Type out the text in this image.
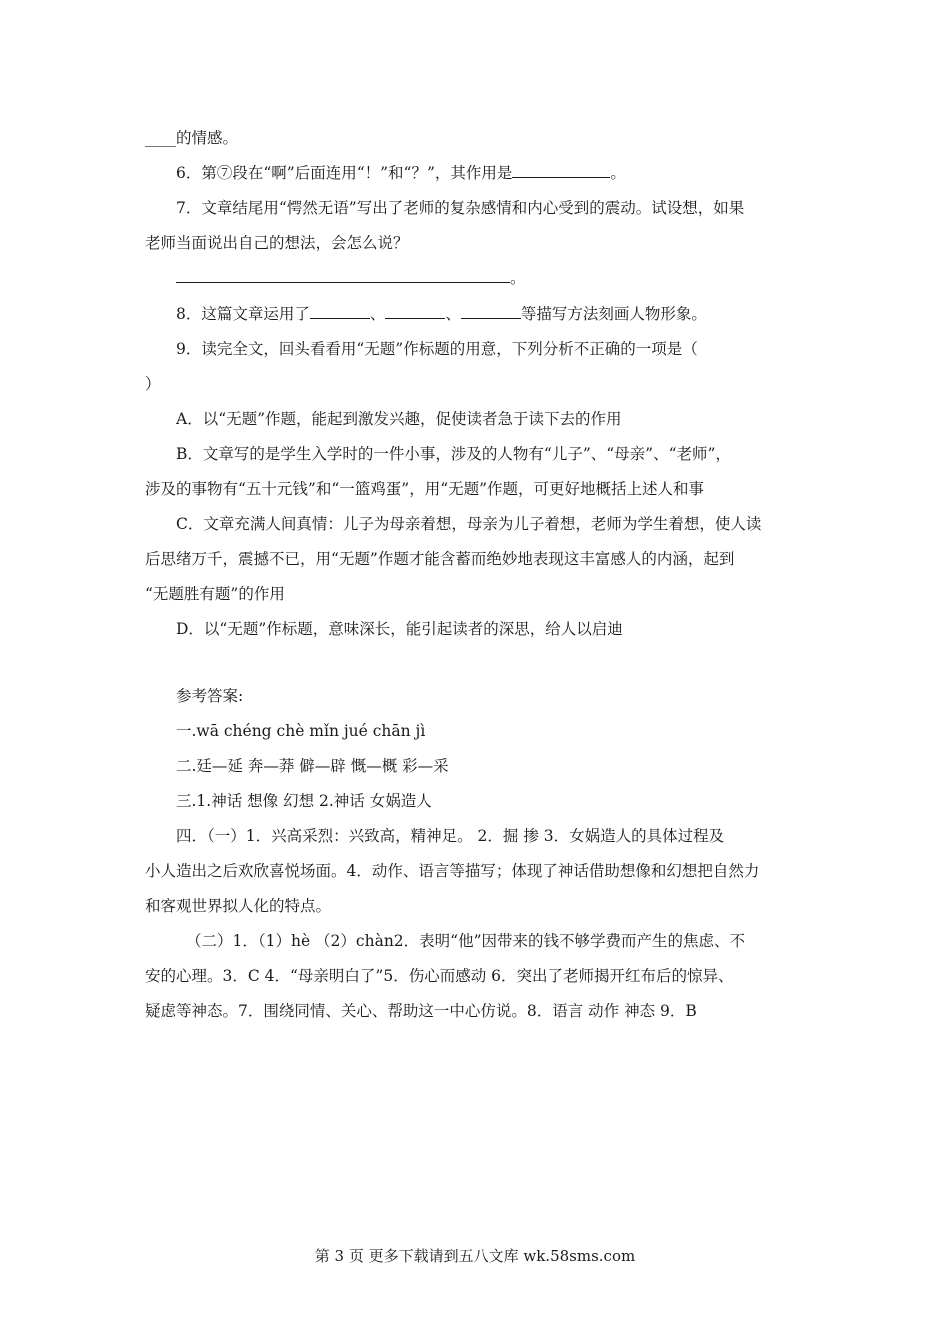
____的情感。
6．第⑦段在“啊”后面连用“！”和“？”，其作用是	。
7．文章结尾用“愕然无语”写出了老师的复杂感情和内心受到的震动。试设想，如果
老师当面说出自己的想法，会怎么说？
。
8．这篇文章运用了	、	、	等描写方法刻画人物形象。
9．读完全文，回头看看用“无题”作标题的用意，下列分析不正确的一项是（
）
A．以“无题”作题，能起到激发兴趣，促使读者急于读下去的作用
B．文章写的是学生入学时的一件小事，涉及的人物有“儿子”、“母亲”、“老师”，
涉及的事物有“五十元钱”和“一篮鸡蛋”，用“无题”作题，可更好地概括上述人和事
C．文章充满人间真情：儿子为母亲着想，母亲为儿子着想，老师为学生着想，使人读
后思绪万千，震撼不已，用“无题”作题才能含蓄而绝妙地表现这丰富感人的内涵，起到
“无题胜有题”的作用
D．以“无题”作标题，意味深长，能引起读者的深思，给人以启迪
参考答案:
一.wā chéng chè mǐn jué chān jì
二.廷—延 奔—莽 僻—辟 慨—概 彩—采
三.1.神话 想像 幻想 2.神话 女娲造人
四．（一）1．兴高采烈：兴致高，精神足。 2．掘 掺 3．女娲造人的具体过程及
小人造出之后欢欣喜悦场面。4．动作、语言等描写；体现了神话借助想像和幻想把自然力
和客观世界拟人化的特点。
（二）1．（1）hè （2）chàn2．表明“他”因带来的钱不够学费而产生的焦虑、不
安的心理。3．C 4．“母亲明白了”5．伤心而感动 6．突出了老师揭开红布后的惊异、
疑虑等神态。7．围绕同情、关心、帮助这一中心仿说。8．语言 动作 神态 9．B
第 3 页 更多下载请到五八文库 wk.58sms.com
